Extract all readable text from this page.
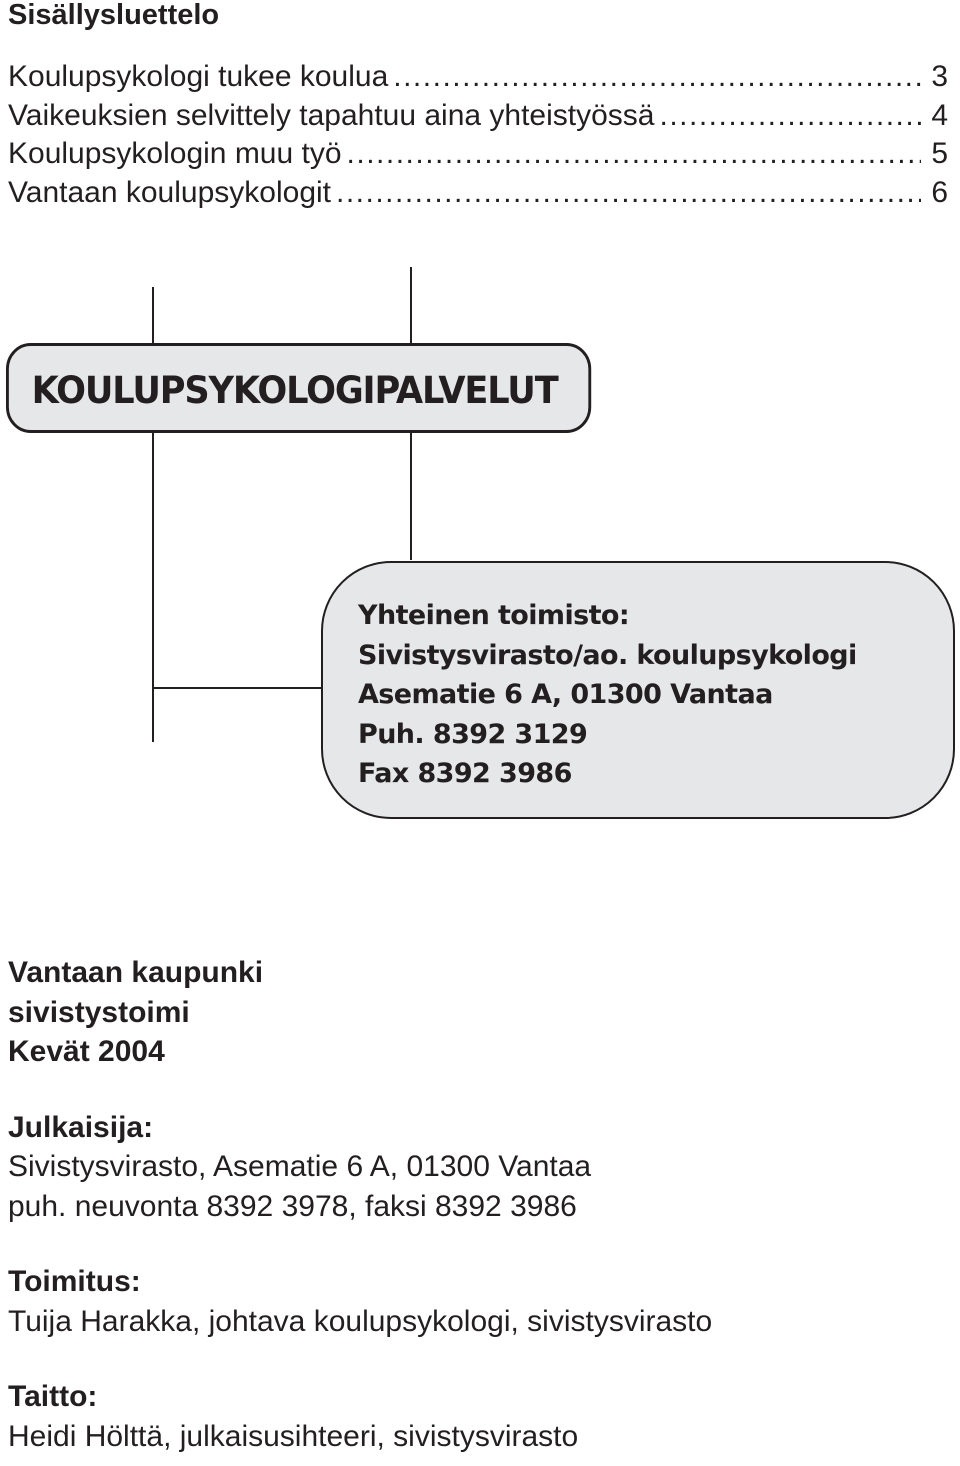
Sisällysluettelo
Koulupsykologi tukee koulua .....	3
Vaikeuksien selvittely tapahtuu aina yhteistyössä .....	4
Koulupsykologin muu työ .....	5
Vantaan koulupsykologit .....	6
KOULUPSYKOLOGIPALVELUT
Yhteinen toimisto:
Sivistysvirasto/ao. koulupsykologi
Asematie 6 A, 01300 Vantaa
Puh. 8392 3129
Fax 8392 3986
Vantaan kaupunki
sivistystoimi
Kevät 2004
Julkaisija:
Sivistysvirasto, Asematie 6 A, 01300 Vantaa
puh. neuvonta 8392 3978, faksi 8392 3986
Toimitus:
Tuija Harakka, johtava koulupsykologi, sivistysvirasto
Taitto:
Heidi Hölttä, julkaisusihteeri, sivistysvirasto
